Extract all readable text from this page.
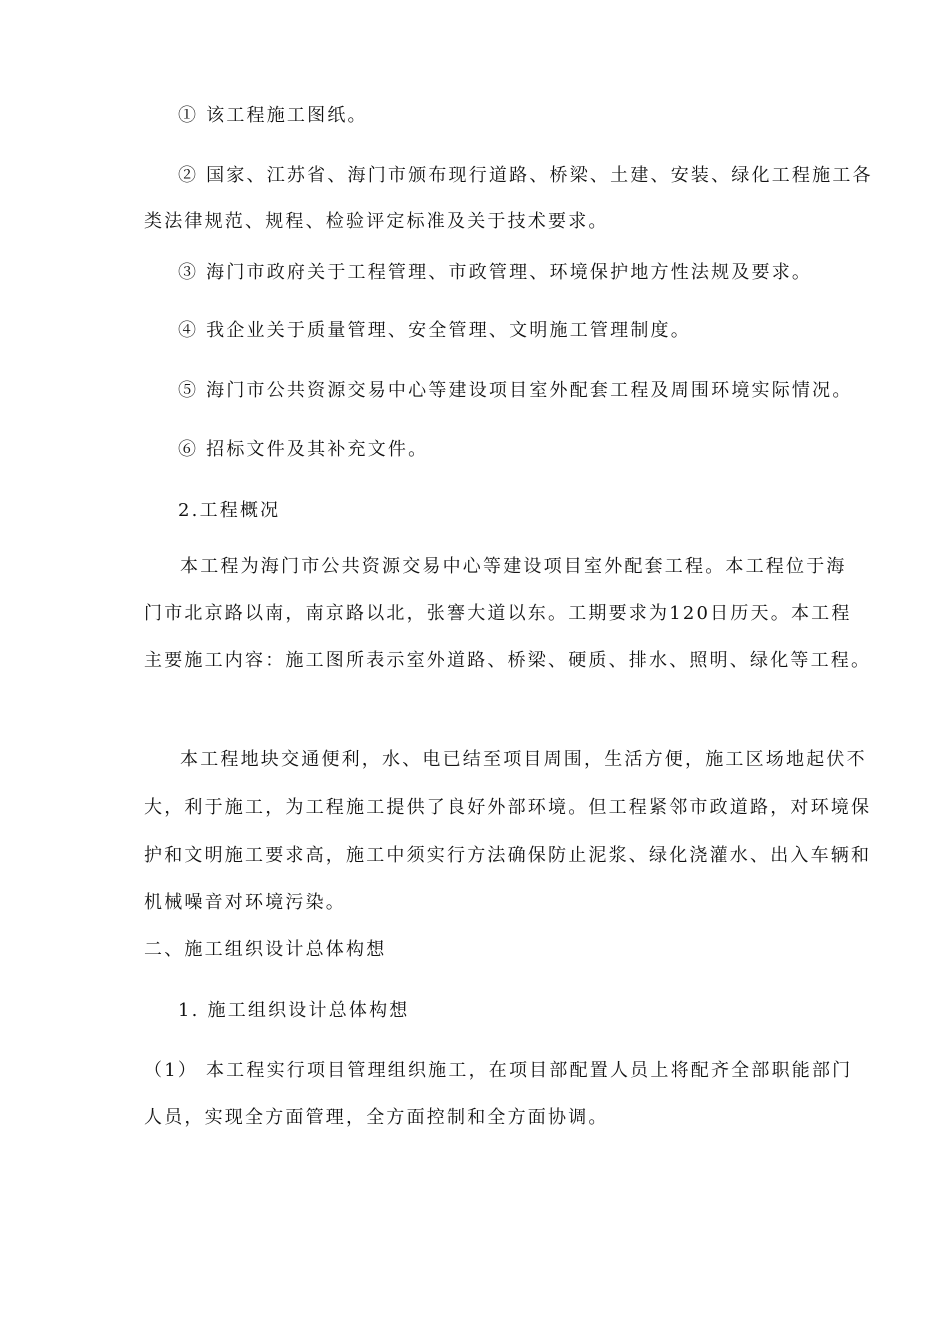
① 该工程施工图纸。
② 国家、江苏省、海门市颁布现行道路、桥梁、土建、安装、绿化工程施工各
类法律规范、规程、检验评定标准及关于技术要求。
③ 海门市政府关于工程管理、市政管理、环境保护地方性法规及要求。
④ 我企业关于质量管理、安全管理、文明施工管理制度。
⑤ 海门市公共资源交易中心等建设项目室外配套工程及周围环境实际情况。
⑥ 招标文件及其补充文件。
2.工程概况
本工程为海门市公共资源交易中心等建设项目室外配套工程。本工程位于海
门市北京路以南，南京路以北，张謇大道以东。工期要求为120日历天。本工程
主要施工内容：施工图所表示室外道路、桥梁、硬质、排水、照明、绿化等工程。
本工程地块交通便利，水、电已结至项目周围，生活方便，施工区场地起伏不
大，利于施工，为工程施工提供了良好外部环境。但工程紧邻市政道路，对环境保
护和文明施工要求高，施工中须实行方法确保防止泥浆、绿化浇灌水、出入车辆和
机械噪音对环境污染。
二、施工组织设计总体构想
1. 施工组织设计总体构想
（1） 本工程实行项目管理组织施工，在项目部配置人员上将配齐全部职能部门
人员，实现全方面管理，全方面控制和全方面协调。
